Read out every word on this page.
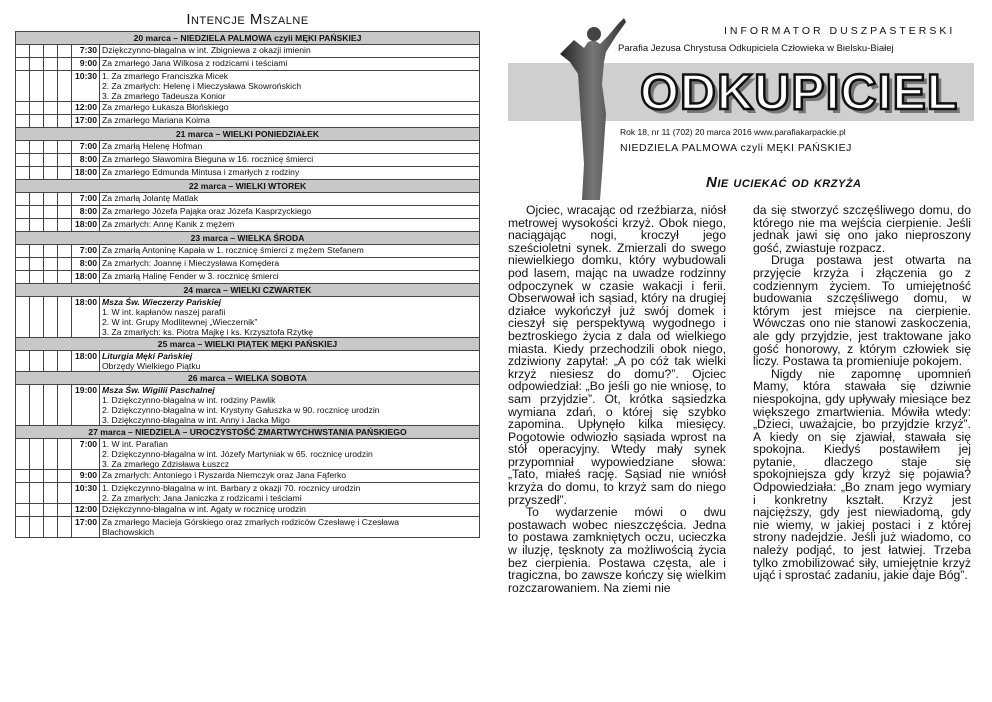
Intencje Mszalne
20 marca – NIEDZIELA PALMOWA czyli MĘKI PAŃSKIEJ					
				7:30	Dziękczynno-błagalna w int. Zbigniewa z okazji imienin

				9:00	Za zmarłego Jana Wilkosa z rodzicami i teściami

				10:30	1. Za zmarłego Franciszka Micek
2. Za zmarłych: Helenę i Mieczysława Skowrońskich
3. Za zmarłego Tadeusza Konior

				12:00	Za zmarłego Łukasza Błońskiego

				17:00	Za zmarłego Mariana Koima

21 marca – WIELKI PONIEDZIAŁEK					
				7:00	Za zmarłą Helenę Hofman

				8:00	Za zmarłego Sławomira Bieguna w 16. rocznicę śmierci

				18:00	Za zmarłego Edmunda Mintusa i zmarłych z rodziny

22 marca – WIELKI WTOREK					
				7:00	Za zmarłą Jolantę Matlak

				8:00	Za zmarłego Józefa Pająka oraz Józefa Kasprzyckiego

				18:00	Za zmarłych: Annę Kanik z mężem

23 marca – WIELKA ŚRODA					
				7:00	Za zmarłą Antoninę Kapała w 1. rocznicę śmierci z mężem Stefanem

				8:00	Za zmarłych: Joannę i Mieczysława Komędera

				18:00	Za zmarłą Halinę Fender w 3. rocznicę śmierci

24 marca – WIELKI CZWARTEK					
				18:00	Msza Św. Wieczerzy Pańskiej
1. W int. kapłanów naszej parafii
2. W int. Grupy Modlitewnej „Wieczernik”
3. Za zmarłych: ks. Piotra Majkę i ks. Krzysztofa Rzytkę

25 marca – WIELKI PIĄTEK MĘKI PAŃSKIEJ					
				18:00	Liturgia Męki Pańskiej
Obrzędy Wielkiego Piątku

26 marca – WIELKA SOBOTA					
				19:00	Msza Św. Wigilii Paschalnej
1. Dziękczynno-błagalna w int. rodziny Pawlik
2. Dziękczynno-błagalna w int. Krystyny Gałuszka w 90. rocznicę urodzin
3. Dziękczynno-błagalna w int. Anny i Jacka Migo

27 marca – NIEDZIELA – UROCZYSTOŚĆ ZMARTWYCHWSTANIA PAŃSKIEGO					
				7:00	1. W int. Parafian
2. Dziękczynno-błagalna w int. Józefy Martyniak w 65. rocznicę urodzin
3. Za zmarłego Zdzisława Łuszcz

				9:00	Za zmarłych: Antoniego i Ryszarda Niemczyk oraz Jana Fąferko

				10:30	1. Dziękczynno-błagalna w int. Barbary z okazji 70. rocznicy urodzin
2. Za zmarłych: Jana Janiczka z rodzicami i teściami

				12:00	Dziękczynno-błagalna w int. Agaty w rocznicę urodzin

				17:00	Za zmarłego Macieja Górskiego oraz zmarłych rodziców Czesławę i Czesława
Blachowskich
INFORMATOR DUSZPASTERSKI
Parafia Jezusa Chrystusa Odkupiciela Człowieka w Bielsku-Białej
ODKUPICIEL
Rok 18, nr 11 (702) 20 marca 2016 www.parafiakarpackie.pl
NIEDZIELA PALMOWA czyli MĘKI PAŃSKIEJ
Nie uciekać od krzyża

Ojciec, wracając od rzeźbiarza, niósł metrowej wysokości krzyż. Obok niego, naciągając nogi, kroczył jego sześcioletni synek. Zmierzali do swego niewielkiego domku, który wybudowali pod lasem, mając na uwadze rodzinny odpoczynek w czasie wakacji i ferii. Obserwował ich sąsiad, który na drugiej działce wykończył już swój domek i cieszył się perspektywą wygodnego i beztroskiego życia z dala od wielkiego miasta. Kiedy przechodzili obok niego, zdziwiony zapytał: „A po cóż tak wielki krzyż niesiesz do domu?”. Ojciec odpowiedział: „Bo jeśli go nie wniosę, to sam przyjdzie”. Ot, krótka sąsiedzka wymiana zdań, o której się szybko zapomina. Upłynęło kilka miesięcy. Pogotowie odwiozło sąsiada wprost na stół operacyjny. Wtedy mały synek przypomniał wypowiedziane słowa: „Tato, miałeś rację. Sąsiad nie wniósł krzyża do domu, to krzyż sam do niego przyszedł”.

To wydarzenie mówi o dwu postawach wobec nieszczęścia. Jedna to postawa zamkniętych oczu, ucieczka w iluzję, tęsknoty za możliwością życia bez cierpienia. Postawa częsta, ale i tragiczna, bo zawsze kończy się wielkim rozczarowaniem. Na ziemi nie

da się stworzyć szczęśliwego domu, do którego nie ma wejścia cierpienie. Jeśli jednak jawi się ono jako nieproszony gość, zwiastuje rozpacz.

Druga postawa jest otwarta na przyjęcie krzyża i złączenia go z codziennym życiem. To umiejętność budowania szczęśliwego domu, w którym jest miejsce na cierpienie. Wówczas ono nie stanowi zaskoczenia, ale gdy przyjdzie, jest traktowane jako gość honorowy, z którym człowiek się liczy. Postawa ta promieniuje pokojem.

Nigdy nie zapomnę upomnień Mamy, która stawała się dziwnie niespokojna, gdy upływały miesiące bez większego zmartwienia. Mówiła wtedy: „Dzieci, uważajcie, bo przyjdzie krzyż”. A kiedy on się zjawiał, stawała się spokojna. Kiedyś postawiłem jej pytanie, dlaczego staje się spokojniejsza gdy krzyż się pojawia? Odpowiedziała: „Bo znam jego wymiary i konkretny kształt. Krzyż jest najcięższy, gdy jest niewiadomą, gdy nie wiemy, w jakiej postaci i z której strony nadejdzie. Jeśli już wiadomo, co należy podjąć, to jest łatwiej. Trzeba tylko zmobilizować siły, umiejętnie krzyż ująć i sprostać zadaniu, jakie daje Bóg”.
